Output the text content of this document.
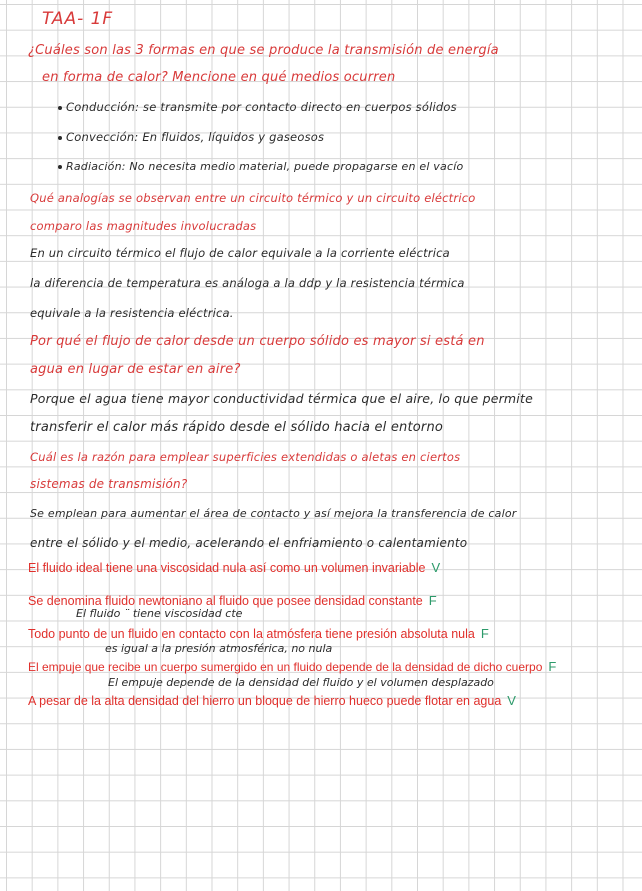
TAA- 1F
¿Cuáles son las 3 formas en que se produce la transmisión de energía
en forma de calor? Mencione en qué medios ocurren
Conducción: se transmite por contacto directo en cuerpos sólidos
Convección: En fluidos, líquidos y gaseosos
Radiación: No necesita medio material, puede propagarse en el vacío
Qué analogías se observan entre un circuito térmico y un circuito eléctrico
comparo las magnitudes involucradas
En un circuito térmico el flujo de calor equivale a la corriente eléctrica
la diferencia de temperatura es análoga a la ddp y la resistencia térmica
equivale a la resistencia eléctrica.
Por qué el flujo de calor desde un cuerpo sólido es mayor si está en
agua en lugar de estar en aire?
Porque el agua tiene mayor conductividad térmica que el aire, lo que permite
transferir el calor más rápido desde el sólido hacia el entorno
Cuál es la razón para emplear superficies extendidas o aletas en ciertos
sistemas de transmisión?
Se emplean para aumentar el área de contacto y así mejora la transferencia de calor
entre el sólido y el medio, acelerando el enfriamiento o calentamiento
El fluido ideal tiene una viscosidad nula así como un volumen invariable V
Se denomina fluido newtoniano al fluido que posee densidad constante F
El fluido ¨ tiene viscosidad cte
Todo punto de un fluido en contacto con la atmósfera tiene presión absoluta nula F
es igual a la presión atmosférica, no nula
El empuje que recibe un cuerpo sumergido en un fluido depende de la densidad de dicho cuerpo F
El empuje depende de la densidad del fluido y el volumen desplazado
A pesar de la alta densidad del hierro un bloque de hierro hueco puede flotar en agua V
